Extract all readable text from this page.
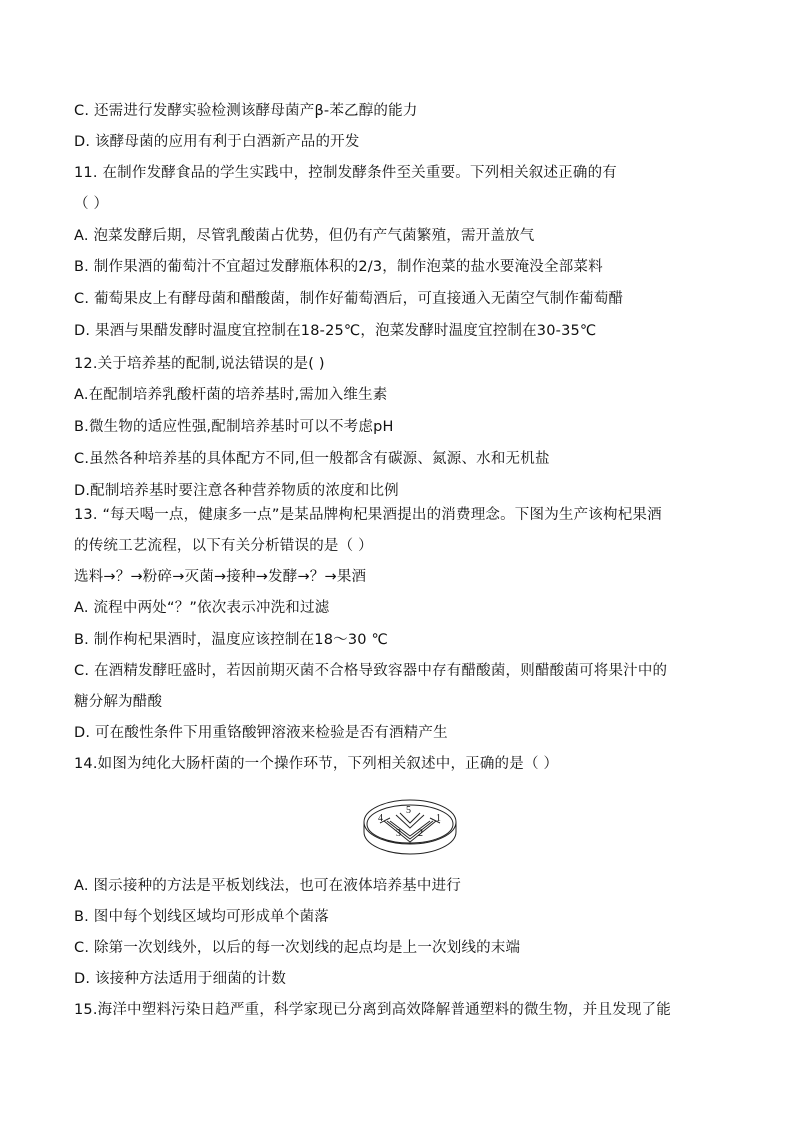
C. 还需进行发酵实验检测该酵母菌产β-苯乙醇的能力
D. 该酵母菌的应用有利于白酒新产品的开发
11. 在制作发酵食品的学生实践中，控制发酵条件至关重要。下列相关叙述正确的有
（ ）
A. 泡菜发酵后期，尽管乳酸菌占优势，但仍有产气菌繁殖，需开盖放气
B. 制作果酒的葡萄汁不宜超过发酵瓶体积的2/3，制作泡菜的盐水要淹没全部菜料
C. 葡萄果皮上有酵母菌和醋酸菌，制作好葡萄酒后，可直接通入无菌空气制作葡萄醋
D. 果酒与果醋发酵时温度宜控制在18-25℃，泡菜发酵时温度宜控制在30-35℃
12.关于培养基的配制,说法错误的是( )
A.在配制培养乳酸杆菌的培养基时,需加入维生素
B.微生物的适应性强,配制培养基时可以不考虑pH
C.虽然各种培养基的具体配方不同,但一般都含有碳源、氮源、水和无机盐
D.配制培养基时要注意各种营养物质的浓度和比例
13. “每天喝一点，健康多一点”是某品牌枸杞果酒提出的消费理念。下图为生产该枸杞果酒
的传统工艺流程，以下有关分析错误的是（ ）
选料→？→粉碎→灭菌→接种→发酵→？→果酒
A. 流程中两处“？”依次表示冲洗和过滤
B. 制作枸杞果酒时，温度应该控制在18～30 ℃
C. 在酒精发酵旺盛时，若因前期灭菌不合格导致容器中存有醋酸菌，则醋酸菌可将果汁中的
糖分解为醋酸
D. 可在酸性条件下用重铬酸钾溶液来检验是否有酒精产生
14.如图为纯化大肠杆菌的一个操作环节，下列相关叙述中，正确的是（ ）
4
5
1
3 2
A. 图示接种的方法是平板划线法，也可在液体培养基中进行
B. 图中每个划线区域均可形成单个菌落
C. 除第一次划线外，以后的每一次划线的起点均是上一次划线的末端
D. 该接种方法适用于细菌的计数
15.海洋中塑料污染日趋严重，科学家现已分离到高效降解普通塑料的微生物，并且发现了能
